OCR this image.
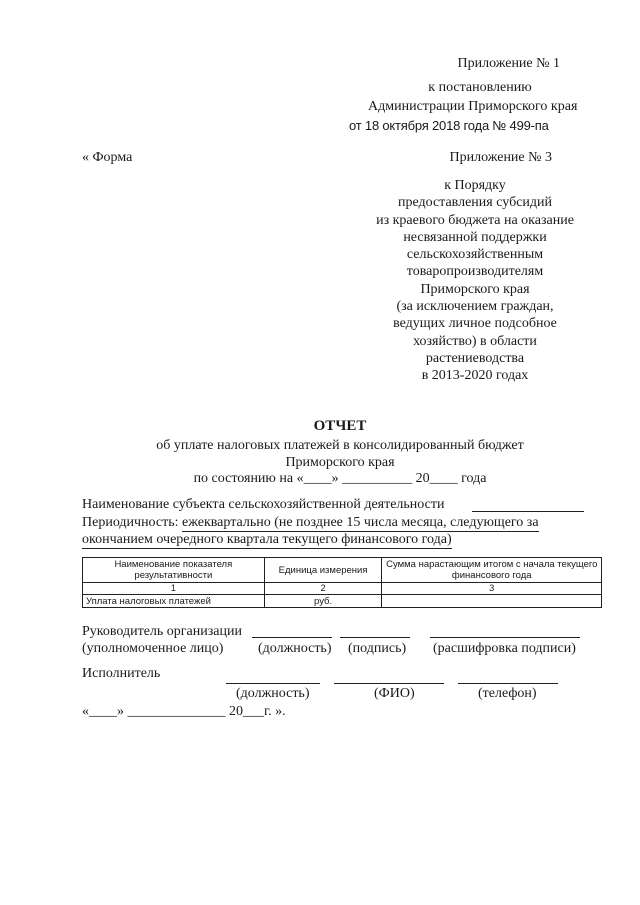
Приложение № 1
к постановлению
Администрации Приморского края
от 18 октября 2018 года № 499-па
« Форма	Приложение № 3
к Порядку
предоставления субсидий
из краевого бюджета на оказание
несвязанной поддержки
сельскохозяйственным
товаропроизводителям
Приморского края
(за исключением граждан,
ведущих личное подсобное
хозяйство) в области
растениеводства
в 2013-2020 годах
ОТЧЕТ
об уплате налоговых платежей в консолидированный бюджет
Приморского края
по состоянию на «____» __________ 20____ года
Наименование субъекта сельскохозяйственной деятельности
Периодичность: ежеквартально (не позднее 15 числа месяца, следующего за
окончанием очередного квартала текущего финансового года)
Наименование показателя результативности	Единица измерения	Сумма нарастающим итогом с начала текущего финансового года
1	2	3
Уплата налоговых платежей	руб.	
Руководитель организации
(уполномоченное лицо) (должность) (подпись) (расшифровка подписи)
Исполнитель
(должность)	(ФИО)	(телефон)
«____» ______________ 20___г. ».
